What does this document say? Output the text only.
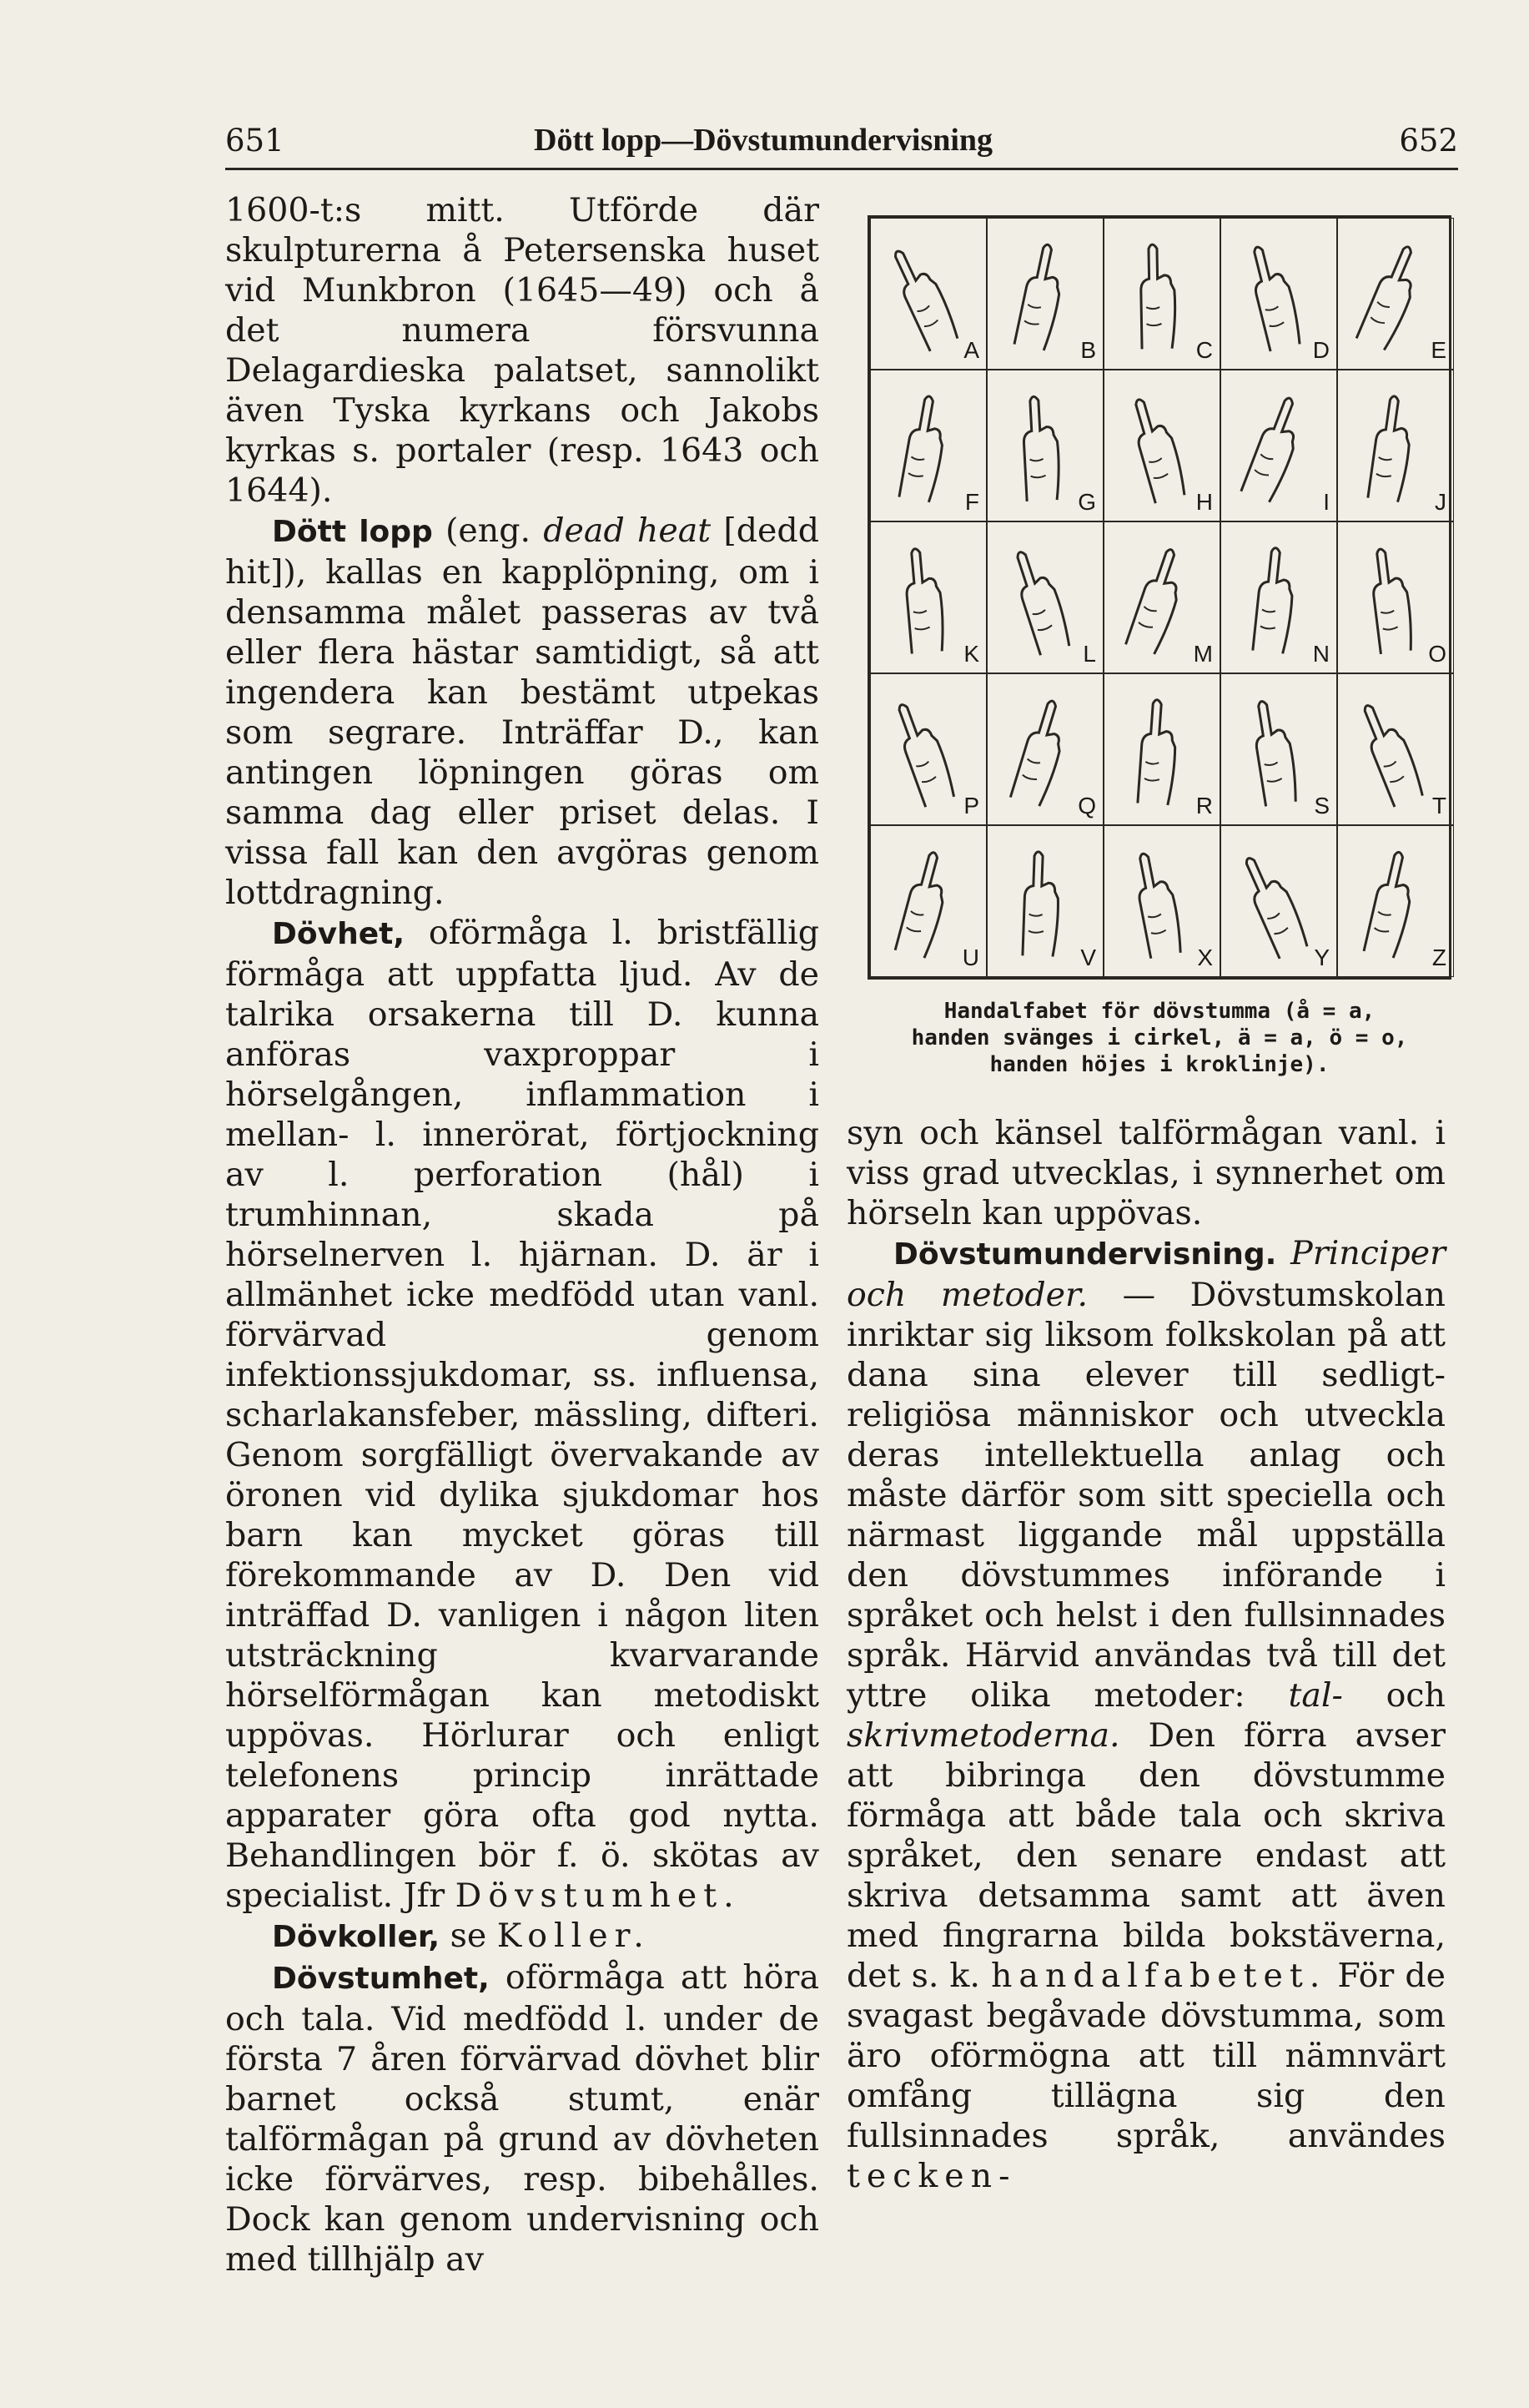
651	Dött lopp—Dövstumundervisning	652

1600-t:s mitt. Utförde där skulpturerna å Petersenska huset vid Munkbron (1645—49) och å det numera försvunna Delagardieska palatset, sannolikt även Tyska kyrkans och Jakobs kyrkas s. portaler (resp. 1643 och 1644).

Dött lopp (eng. dead heat [dedd hit]), kallas en kapplöpning, om i densamma målet passeras av två eller flera hästar samtidigt, så att ingendera kan bestämt utpekas som segrare. Inträffar D., kan antingen löpningen göras om samma dag eller priset delas. I vissa fall kan den avgöras genom lottdragning.

Dövhet, oförmåga l. bristfällig förmåga att uppfatta ljud. Av de talrika orsakerna till D. kunna anföras vaxproppar i hörselgången, inflammation i mellan- l. innerörat, förtjockning av l. perforation (hål) i trumhinnan, skada på hörselnerven l. hjärnan. D. är i allmänhet icke medfödd utan vanl. förvärvad genom infektionssjukdomar, ss. influensa, scharlakansfeber, mässling, difteri. Genom sorgfälligt övervakande av öronen vid dylika sjukdomar hos barn kan mycket göras till förekommande av D. Den vid inträffad D. vanligen i någon liten utsträckning kvarvarande hörselförmågan kan metodiskt uppövas. Hörlurar och enligt telefonens princip inrättade apparater göra ofta god nytta. Behandlingen bör f. ö. skötas av specialist. Jfr Dövstumhet.

Dövkoller, se Koller.

Dövstumhet, oförmåga att höra och tala. Vid medfödd l. under de första 7 åren förvärvad dövhet blir barnet också stumt, enär talförmågan på grund av dövheten icke förvärves, resp. bibehålles. Dock kan genom undervisning och med tillhjälp av

A	B	C	D	E
F	G	H	I	J
K	L	M	N	O
P	Q	R	S	T
U	V	X	Y	Z
Handalfabet för dövstumma (å = a,
handen svänges i cirkel, ä = a, ö = o,
handen höjes i kroklinje).

syn och känsel talförmågan vanl. i viss grad utvecklas, i synnerhet om hörseln kan uppövas.

Dövstumundervisning. Principer och metoder. — Dövstumskolan inriktar sig liksom folkskolan på att dana sina elever till sedligt-religiösa människor och utveckla deras intellektuella anlag och måste därför som sitt speciella och närmast liggande mål uppställa den dövstummes införande i språket och helst i den fullsinnades språk. Härvid användas två till det yttre olika metoder: tal- och skrivmetoderna. Den förra avser att bibringa den dövstumme förmåga att både tala och skriva språket, den senare endast att skriva detsamma samt att även med fingrarna bilda bokstäverna, det s. k. handalfabetet. För de svagast begåvade dövstumma, som äro oförmögna att till nämnvärt omfång tillägna sig den fullsinnades språk, användes tecken-
